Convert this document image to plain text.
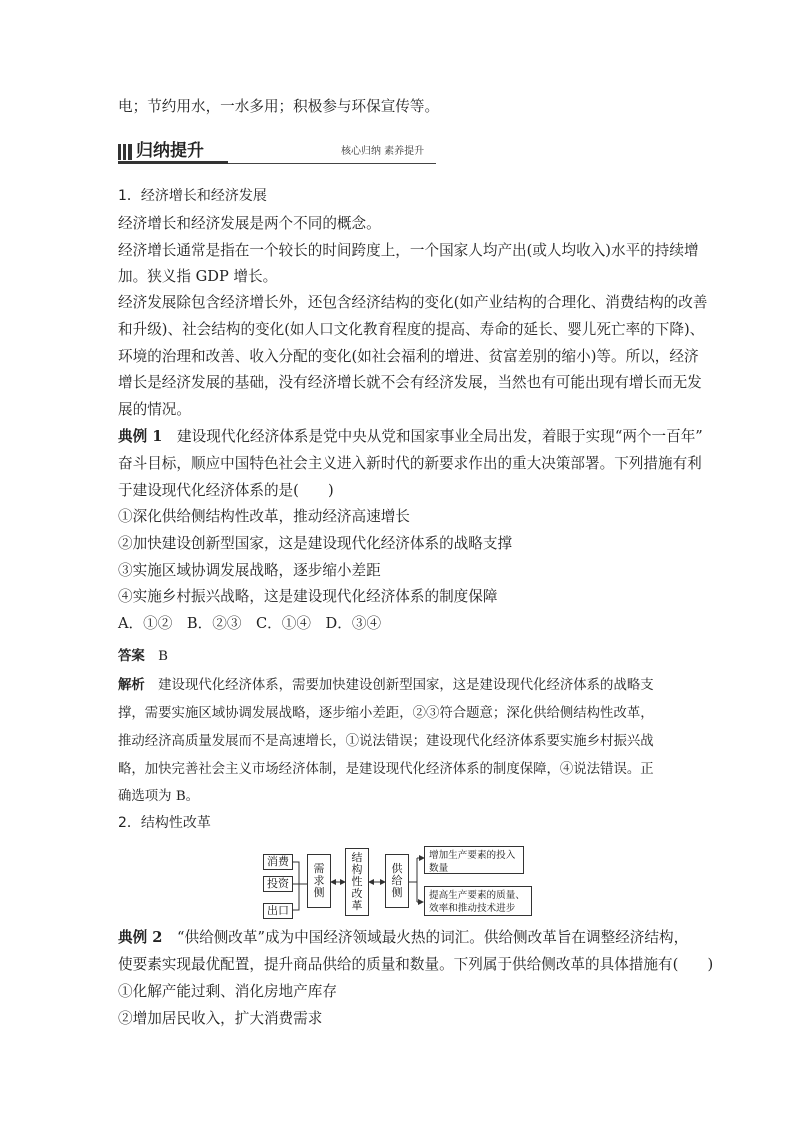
电；节约用水，一水多用；积极参与环保宣传等。
归纳提升	核心归纳 素养提升
1．经济增长和经济发展
经济增长和经济发展是两个不同的概念。
经济增长通常是指在一个较长的时间跨度上，一个国家人均产出(或人均收入)水平的持续增
加。狭义指 GDP 增长。
经济发展除包含经济增长外，还包含经济结构的变化(如产业结构的合理化、消费结构的改善
和升级)、社会结构的变化(如人口文化教育程度的提高、寿命的延长、婴儿死亡率的下降)、
环境的治理和改善、收入分配的变化(如社会福利的增进、贫富差别的缩小)等。所以，经济
增长是经济发展的基础，没有经济增长就不会有经济发展，当然也有可能出现有增长而无发
展的情况。
典例 1　 建设现代化经济体系是党中央从党和国家事业全局出发，着眼于实现“两个一百年”
奋斗目标，顺应中国特色社会主义进入新时代的新要求作出的重大决策部署。下列措施有利
于建设现代化经济体系的是(　　)
①深化供给侧结构性改革，推动经济高速增长
②加快建设创新型国家，这是建设现代化经济体系的战略支撑
③实施区域协调发展战略，逐步缩小差距
④实施乡村振兴战略，这是建设现代化经济体系的制度保障
A．①②　B．②③　C．①④　D．③④
答案　 B
解析　 建设现代化经济体系，需要加快建设创新型国家，这是建设现代化经济体系的战略支
撑，需要实施区域协调发展战略，逐步缩小差距，②③符合题意；深化供给侧结构性改革，
推动经济高质量发展而不是高速增长，①说法错误；建设现代化经济体系要实施乡村振兴战
略，加快完善社会主义市场经济体制，是建设现代化经济体系的制度保障，④说法错误。正
确选项为 B。
2．结构性改革
消费
投资
出口
需求侧
结构性改革
供给侧
增加生产要素的投入数量
提高生产要素的质量、效率和推动技术进步
典例 2　 “供给侧改革”成为中国经济领域最火热的词汇。供给侧改革旨在调整经济结构，
使要素实现最优配置，提升商品供给的质量和数量。下列属于供给侧改革的具体措施有(　　)
①化解产能过剩、消化房地产库存
②增加居民收入，扩大消费需求
